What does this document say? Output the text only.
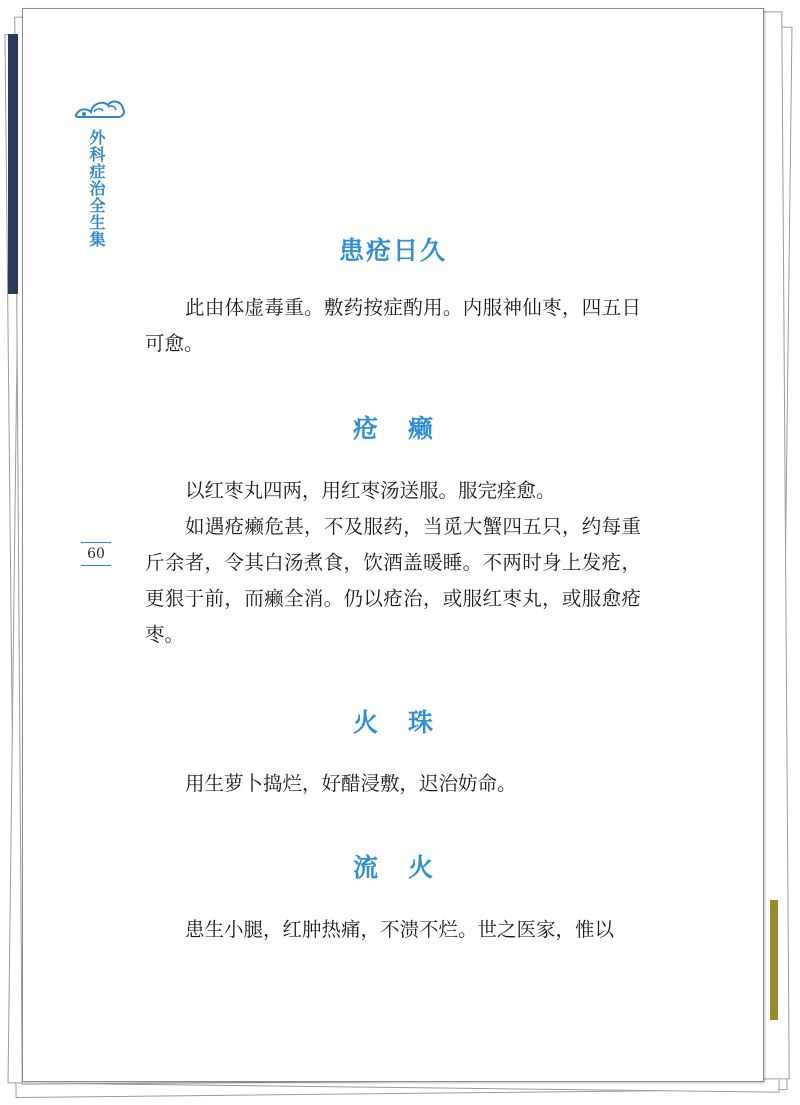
外科症治全生集
60
患疮日久

此由体虚毒重。敷药按症酌用。内服神仙枣，四五日可愈。

疮癞

以红枣丸四两，用红枣汤送服。服完痊愈。

如遇疮癞危甚，不及服药，当觅大蟹四五只，约每重斤余者，令其白汤煮食，饮酒盖暖睡。不两时身上发疮，更狠于前，而癞全消。仍以疮治，或服红枣丸，或服愈疮枣。

火珠

用生萝卜捣烂，好醋浸敷，迟治妨命。

流火

患生小腿，红肿热痛，不溃不烂。世之医家，惟以
